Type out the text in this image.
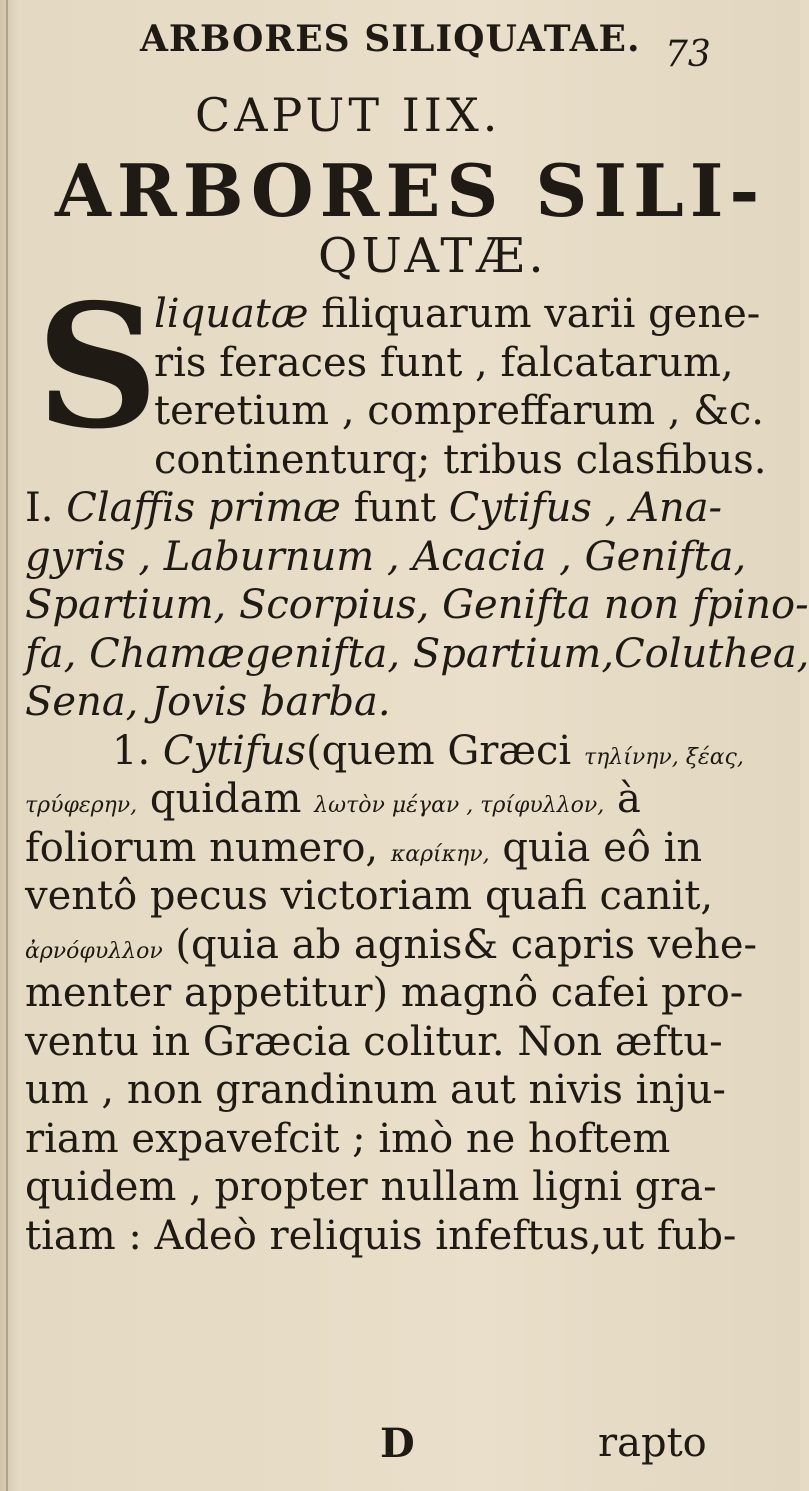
ARBORES SILIQUATAE. 73
CAPUT IIX.
ARBORES SILI-
QUATÆ.
S
liquatæ filiquarum varii gene-
ris feraces funt , falcatarum,
teretium , compreffarum , &c.
continenturq; tribus clasfibus.
I. Claffis primæ funt Cytifus , Ana-
gyris , Laburnum , Acacia , Genifta,
Spartium, Scorpius, Genifta non fpino-
fa, Chamægenifta, Spartium,Coluthea,
Sena, Jovis barba.
1. Cytifus(quem Græci τηλίνην, ξέας,
τρύφερην, quidam λωτὸν μέγαν , τρίφυλλον, à
foliorum numero, καρίκην, quia eô in
ventô pecus victoriam quafi canit,
ἀρνόφυλλον (quia ab agnis& capris vehe-
menter appetitur) magnô cafei pro-
ventu in Græcia colitur. Non æftu-
um , non grandinum aut nivis inju-
riam expavefcit ; imò ne hoftem
quidem , propter nullam ligni gra-
tiam : Adeò reliquis infeftus,ut fub-
D	rapto
